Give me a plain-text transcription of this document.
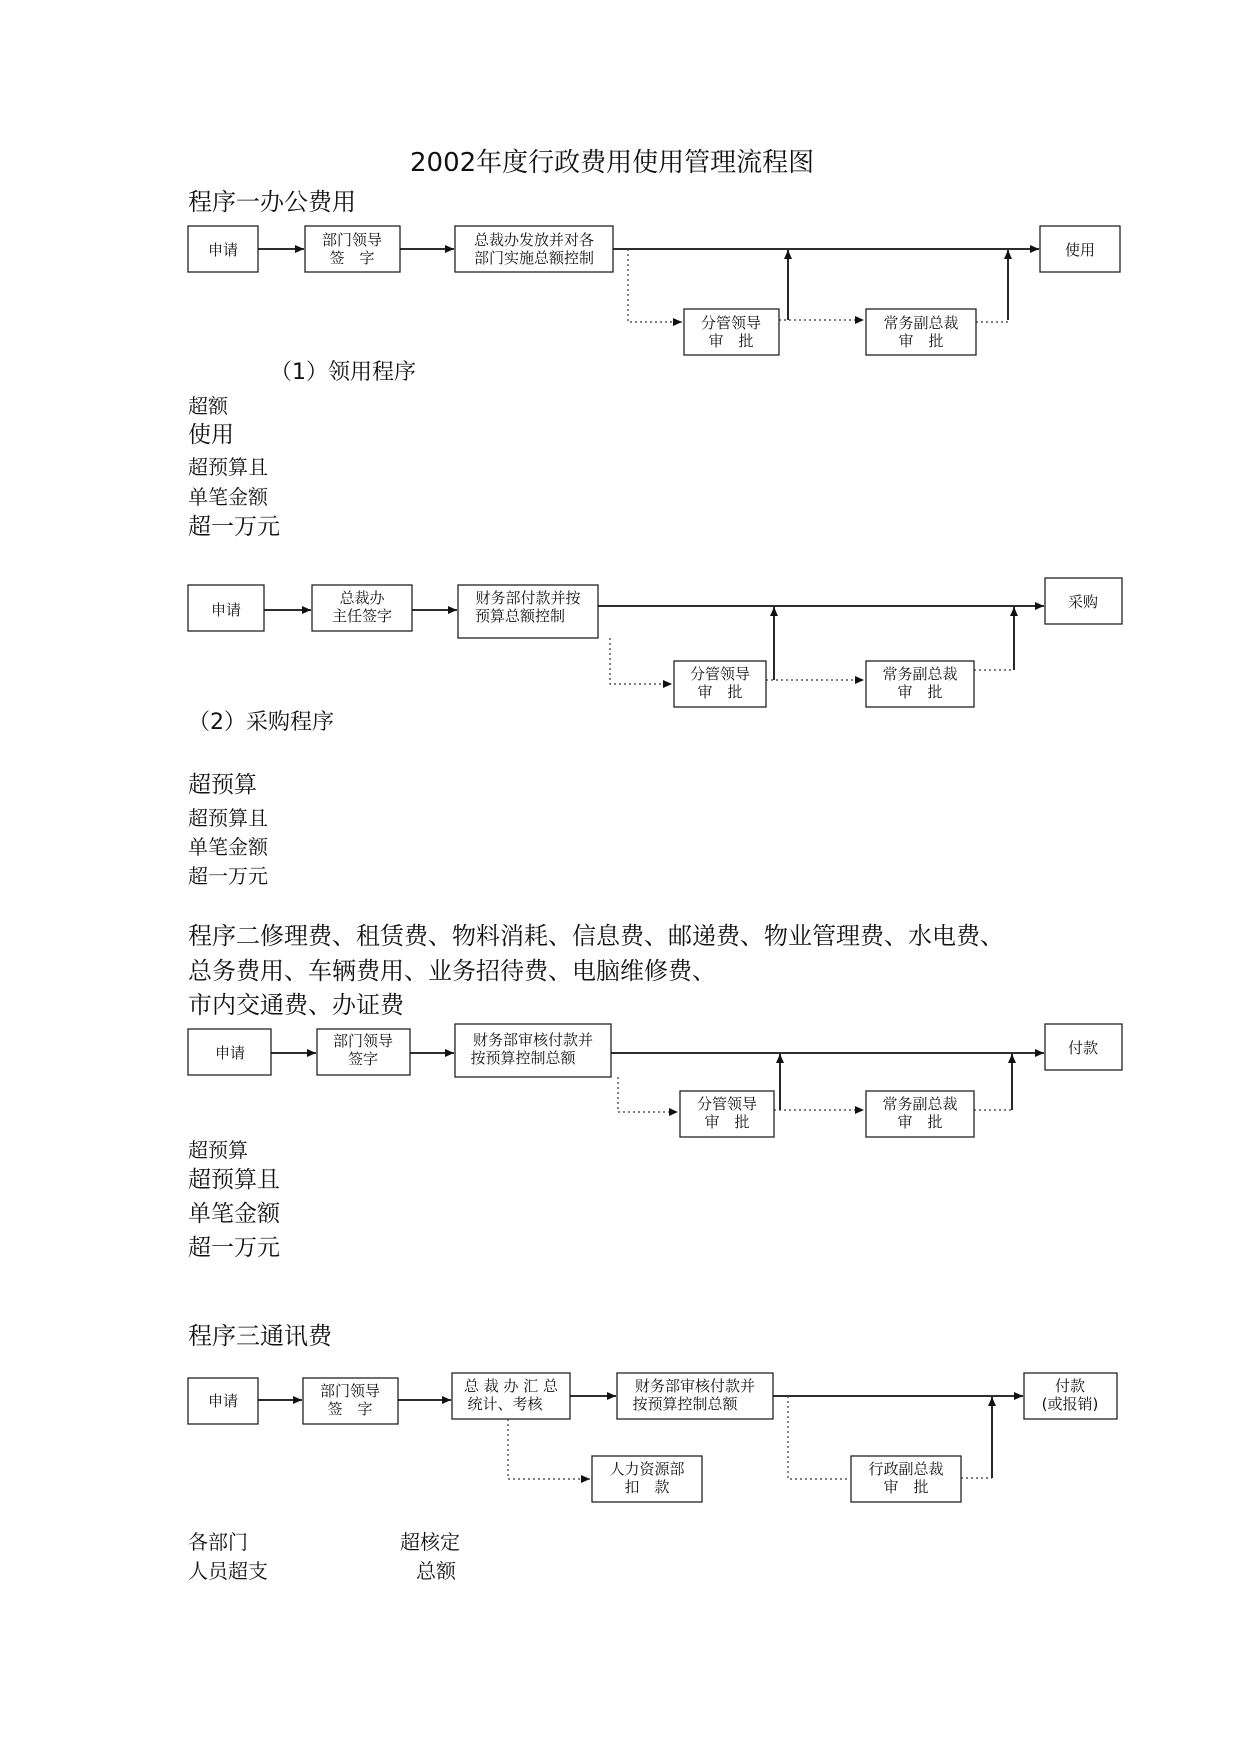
2002年度行政费用使用管理流程图
程序一办公费用
申请
部门领导
签　字
总裁办发放并对各
部门实施总额控制	使用
分管领导
审　批
常务副总裁
审　批
申请
总裁办
主任签字
财务部付款并按
预算总额控制
采购
分管领导
审　批
常务副总裁
审　批
申请
部门领导
签字
财务部审核付款并
按预算控制总额
付款
分管领导
审　批
常务副总裁
审　批
申请
部门领导
签　字
总 裁 办 汇 总
统计、考核
财务部审核付款并
按预算控制总额
付款
(或报销)
人力资源部
扣　款
行政副总裁
审　批
（1）领用程序
超额
使用
超预算且
单笔金额
超一万元
（2）采购程序
超预算
超预算且
单笔金额
超一万元
程序二修理费、租赁费、物料消耗、信息费、邮递费、物业管理费、水电费、
总务费用、车辆费用、业务招待费、电脑维修费、
市内交通费、办证费
超预算
超预算且
单笔金额
超一万元
程序三通讯费
各部门
人员超支
超核定
总额
